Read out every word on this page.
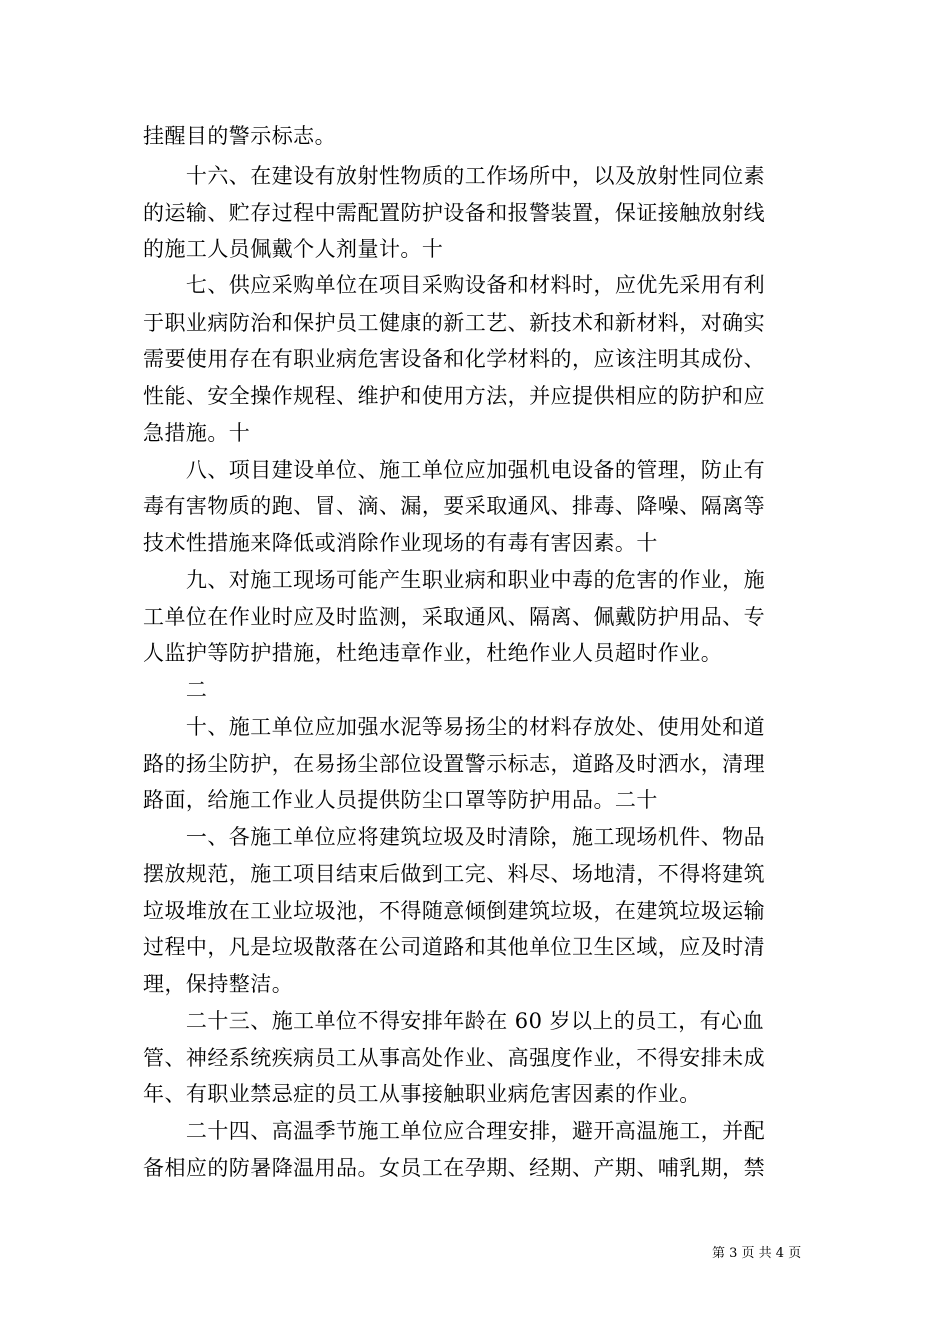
挂醒目的警示标志。
　　十六、在建设有放射性物质的工作场所中，以及放射性同位素
的运输、贮存过程中需配置防护设备和报警装置，保证接触放射线
的施工人员佩戴个人剂量计。十
　　七、供应采购单位在项目采购设备和材料时，应优先采用有利
于职业病防治和保护员工健康的新工艺、新技术和新材料，对确实
需要使用存在有职业病危害设备和化学材料的，应该注明其成份、
性能、安全操作规程、维护和使用方法，并应提供相应的防护和应
急措施。十
　　八、项目建设单位、施工单位应加强机电设备的管理，防止有
毒有害物质的跑、冒、滴、漏，要采取通风、排毒、降噪、隔离等
技术性措施来降低或消除作业现场的有毒有害因素。十
　　九、对施工现场可能产生职业病和职业中毒的危害的作业，施
工单位在作业时应及时监测，采取通风、隔离、佩戴防护用品、专
人监护等防护措施，杜绝违章作业，杜绝作业人员超时作业。
　　二
　　十、施工单位应加强水泥等易扬尘的材料存放处、使用处和道
路的扬尘防护，在易扬尘部位设置警示标志，道路及时洒水，清理
路面，给施工作业人员提供防尘口罩等防护用品。二十
　　一、各施工单位应将建筑垃圾及时清除，施工现场机件、物品
摆放规范，施工项目结束后做到工完、料尽、场地清，不得将建筑
垃圾堆放在工业垃圾池，不得随意倾倒建筑垃圾，在建筑垃圾运输
过程中，凡是垃圾散落在公司道路和其他单位卫生区域，应及时清
理，保持整洁。
　　二十三、施工单位不得安排年龄在 60 岁以上的员工，有心血
管、神经系统疾病员工从事高处作业、高强度作业，不得安排未成
年、有职业禁忌症的员工从事接触职业病危害因素的作业。
　　二十四、高温季节施工单位应合理安排，避开高温施工，并配
备相应的防暑降温用品。女员工在孕期、经期、产期、哺乳期，禁
第 3 页 共 4 页
